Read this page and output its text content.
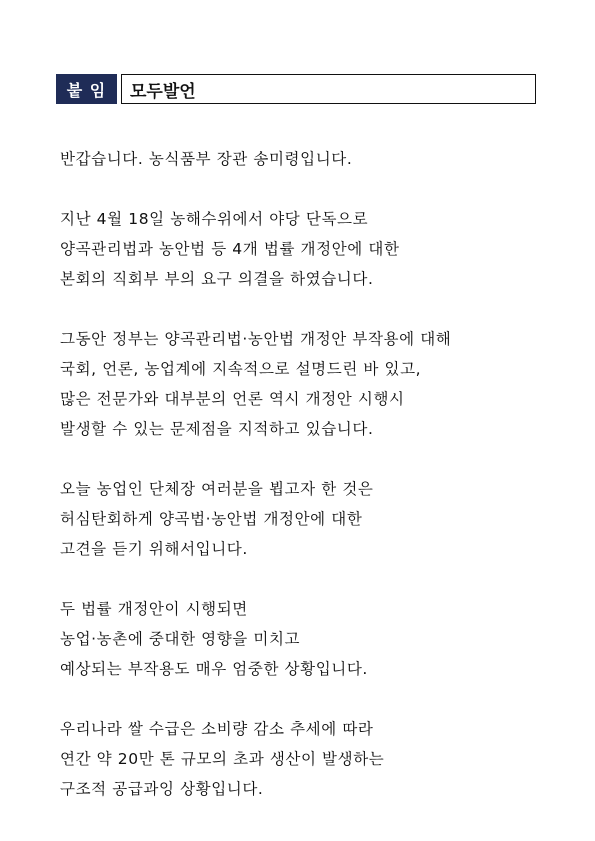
붙 임	모두발언
반갑습니다. 농식품부 장관 송미령입니다.
지난 4월 18일 농해수위에서 야당 단독으로
양곡관리법과 농안법 등 4개 법률 개정안에 대한
본회의 직회부 부의 요구 의결을 하였습니다.
그동안 정부는 양곡관리법·농안법 개정안 부작용에 대해
국회, 언론, 농업계에 지속적으로 설명드린 바 있고,
많은 전문가와 대부분의 언론 역시 개정안 시행시
발생할 수 있는 문제점을 지적하고 있습니다.
오늘 농업인 단체장 여러분을 뵙고자 한 것은
허심탄회하게 양곡법·농안법 개정안에 대한
고견을 듣기 위해서입니다.
두 법률 개정안이 시행되면
농업·농촌에 중대한 영향을 미치고
예상되는 부작용도 매우 엄중한 상황입니다.
우리나라 쌀 수급은 소비량 감소 추세에 따라
연간 약 20만 톤 규모의 초과 생산이 발생하는
구조적 공급과잉 상황입니다.
